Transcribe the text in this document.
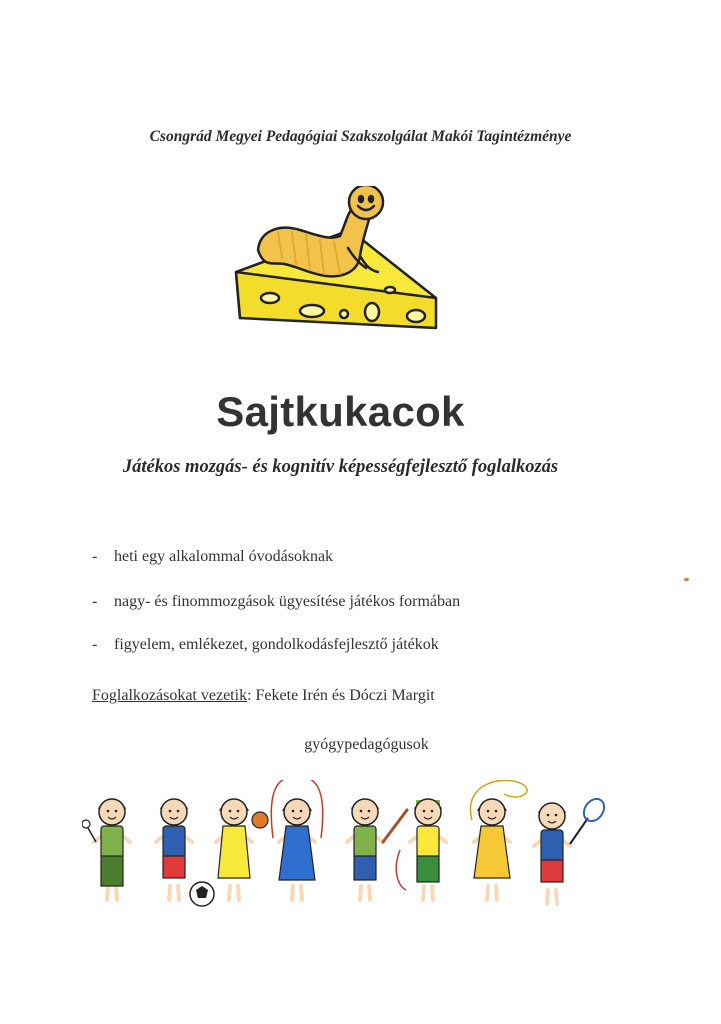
Csongrád Megyei Pedagógiai Szakszolgálat Makói Tagintézménye
Sajtkukacok
Játékos mozgás- és kognitív képességfejlesztő foglalkozás
-	heti egy alkalommal óvodásoknak
-	nagy- és finommozgások ügyesítése játékos formában
-	figyelem, emlékezet, gondolkodásfejlesztő játékok
Foglalkozásokat vezetik: Fekete Irén és Dóczi Margit
gyógypedagógusok
